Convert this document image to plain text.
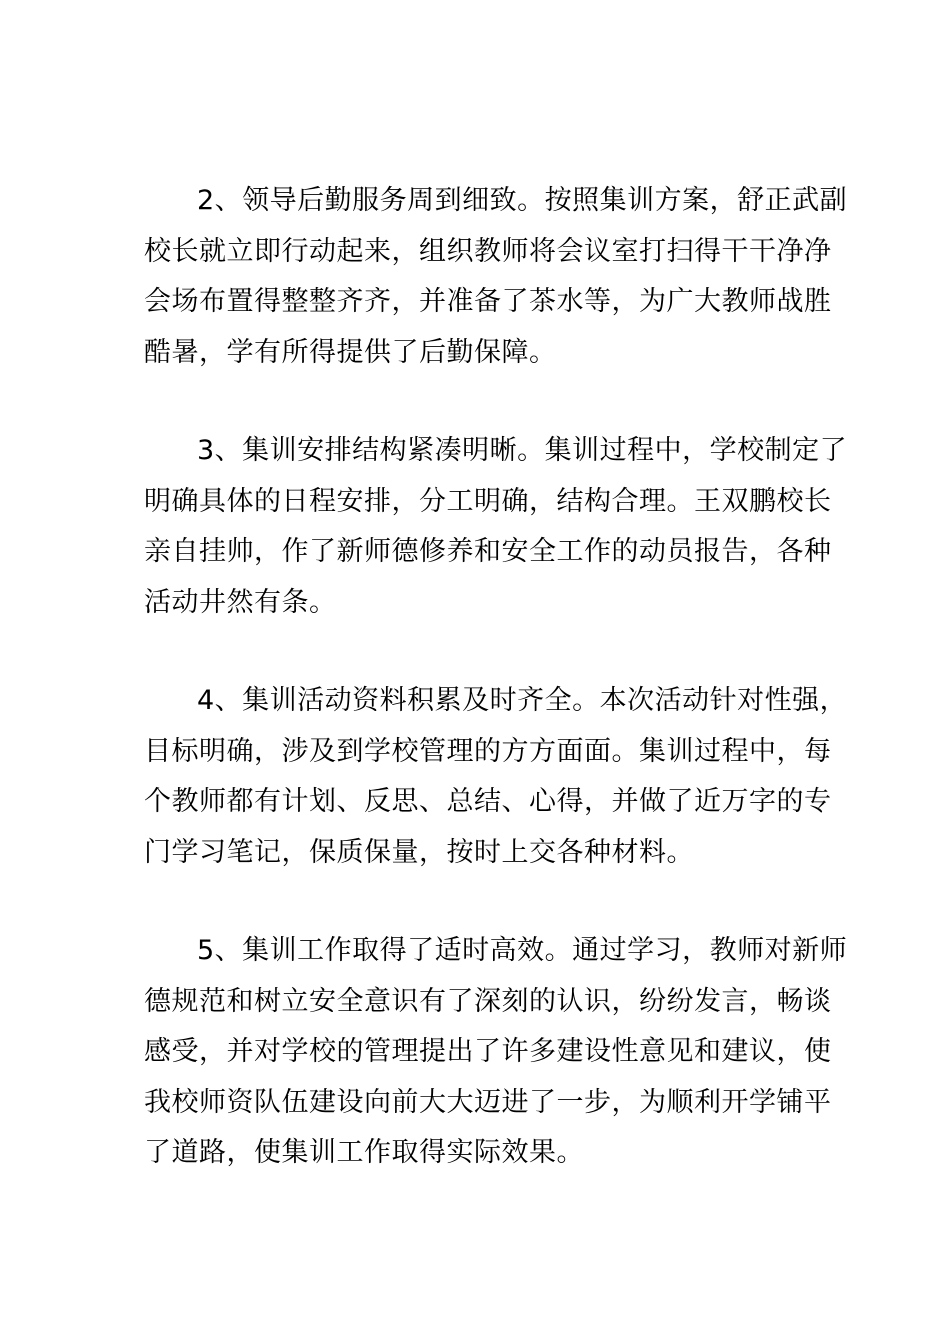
2、领导后勤服务周到细致。按照集训方案，舒正武副
校长就立即行动起来，组织教师将会议室打扫得干干净净
会场布置得整整齐齐，并准备了茶水等，为广大教师战胜
酷暑，学有所得提供了后勤保障。

3、集训安排结构紧凑明晰。集训过程中，学校制定了
明确具体的日程安排，分工明确，结构合理。王双鹏校长
亲自挂帅，作了新师德修养和安全工作的动员报告，各种
活动井然有条。

4、集训活动资料积累及时齐全。本次活动针对性强，
目标明确，涉及到学校管理的方方面面。集训过程中，每
个教师都有计划、反思、总结、心得，并做了近万字的专
门学习笔记，保质保量，按时上交各种材料。

5、集训工作取得了适时高效。通过学习，教师对新师
德规范和树立安全意识有了深刻的认识，纷纷发言，畅谈
感受，并对学校的管理提出了许多建设性意见和建议，使
我校师资队伍建设向前大大迈进了一步，为顺利开学铺平
了道路，使集训工作取得实际效果。
